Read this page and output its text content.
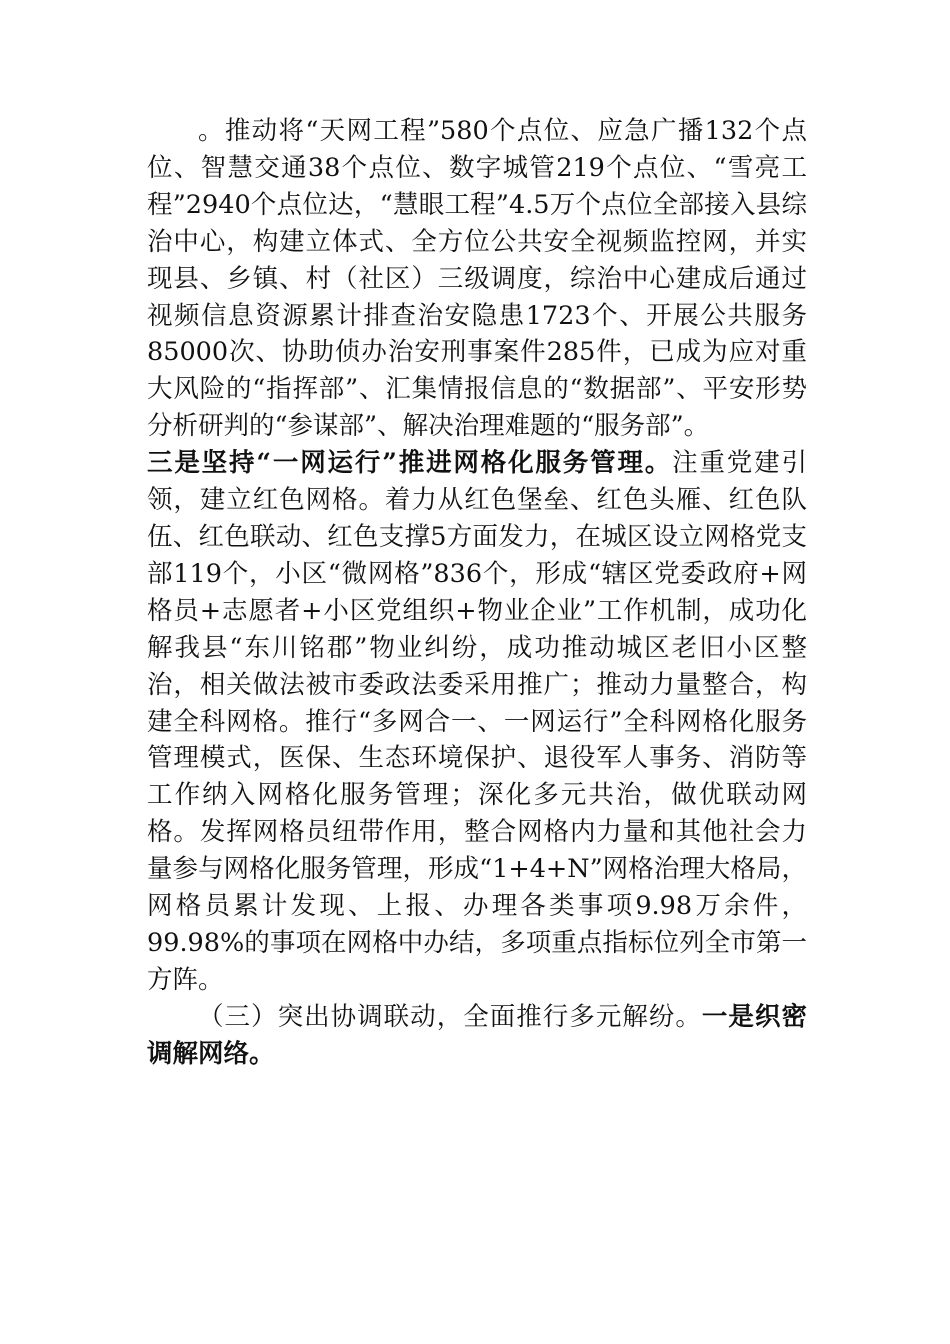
。推动将“天网工程”580个点位、应急广播132个点位、智慧交通38个点位、数字城管219个点位、“雪亮工程”2940个点位达，“慧眼工程”4.5万个点位全部接入县综治中心，构建立体式、全方位公共安全视频监控网，并实现县、乡镇、村（社区）三级调度，综治中心建成后通过视频信息资源累计排查治安隐患1723个、开展公共服务85000次、协助侦办治安刑事案件285件，已成为应对重大风险的“指挥部”、汇集情报信息的“数据部”、平安形势分析研判的“参谋部”、解决治理难题的“服务部”。

三是坚持“一网运行”推进网格化服务管理。注重党建引领，建立红色网格。着力从红色堡垒、红色头雁、红色队伍、红色联动、红色支撑5方面发力，在城区设立网格党支部119个，小区“微网格”836个，形成“辖区党委政府+网格员+志愿者+小区党组织+物业企业”工作机制，成功化解我县“东川铭郡”物业纠纷，成功推动城区老旧小区整治，相关做法被市委政法委采用推广；推动力量整合，构建全科网格。推行“多网合一、一网运行”全科网格化服务管理模式，医保、生态环境保护、退役军人事务、消防等工作纳入网格化服务管理；深化多元共治，做优联动网格。发挥网格员纽带作用，整合网格内力量和其他社会力量参与网格化服务管理，形成“1+4+N”网格治理大格局，网格员累计发现、上报、办理各类事项9.98万余件，99.98%的事项在网格中办结，多项重点指标位列全市第一方阵。

（三）突出协调联动，全面推行多元解纷。一是织密调解网络。
